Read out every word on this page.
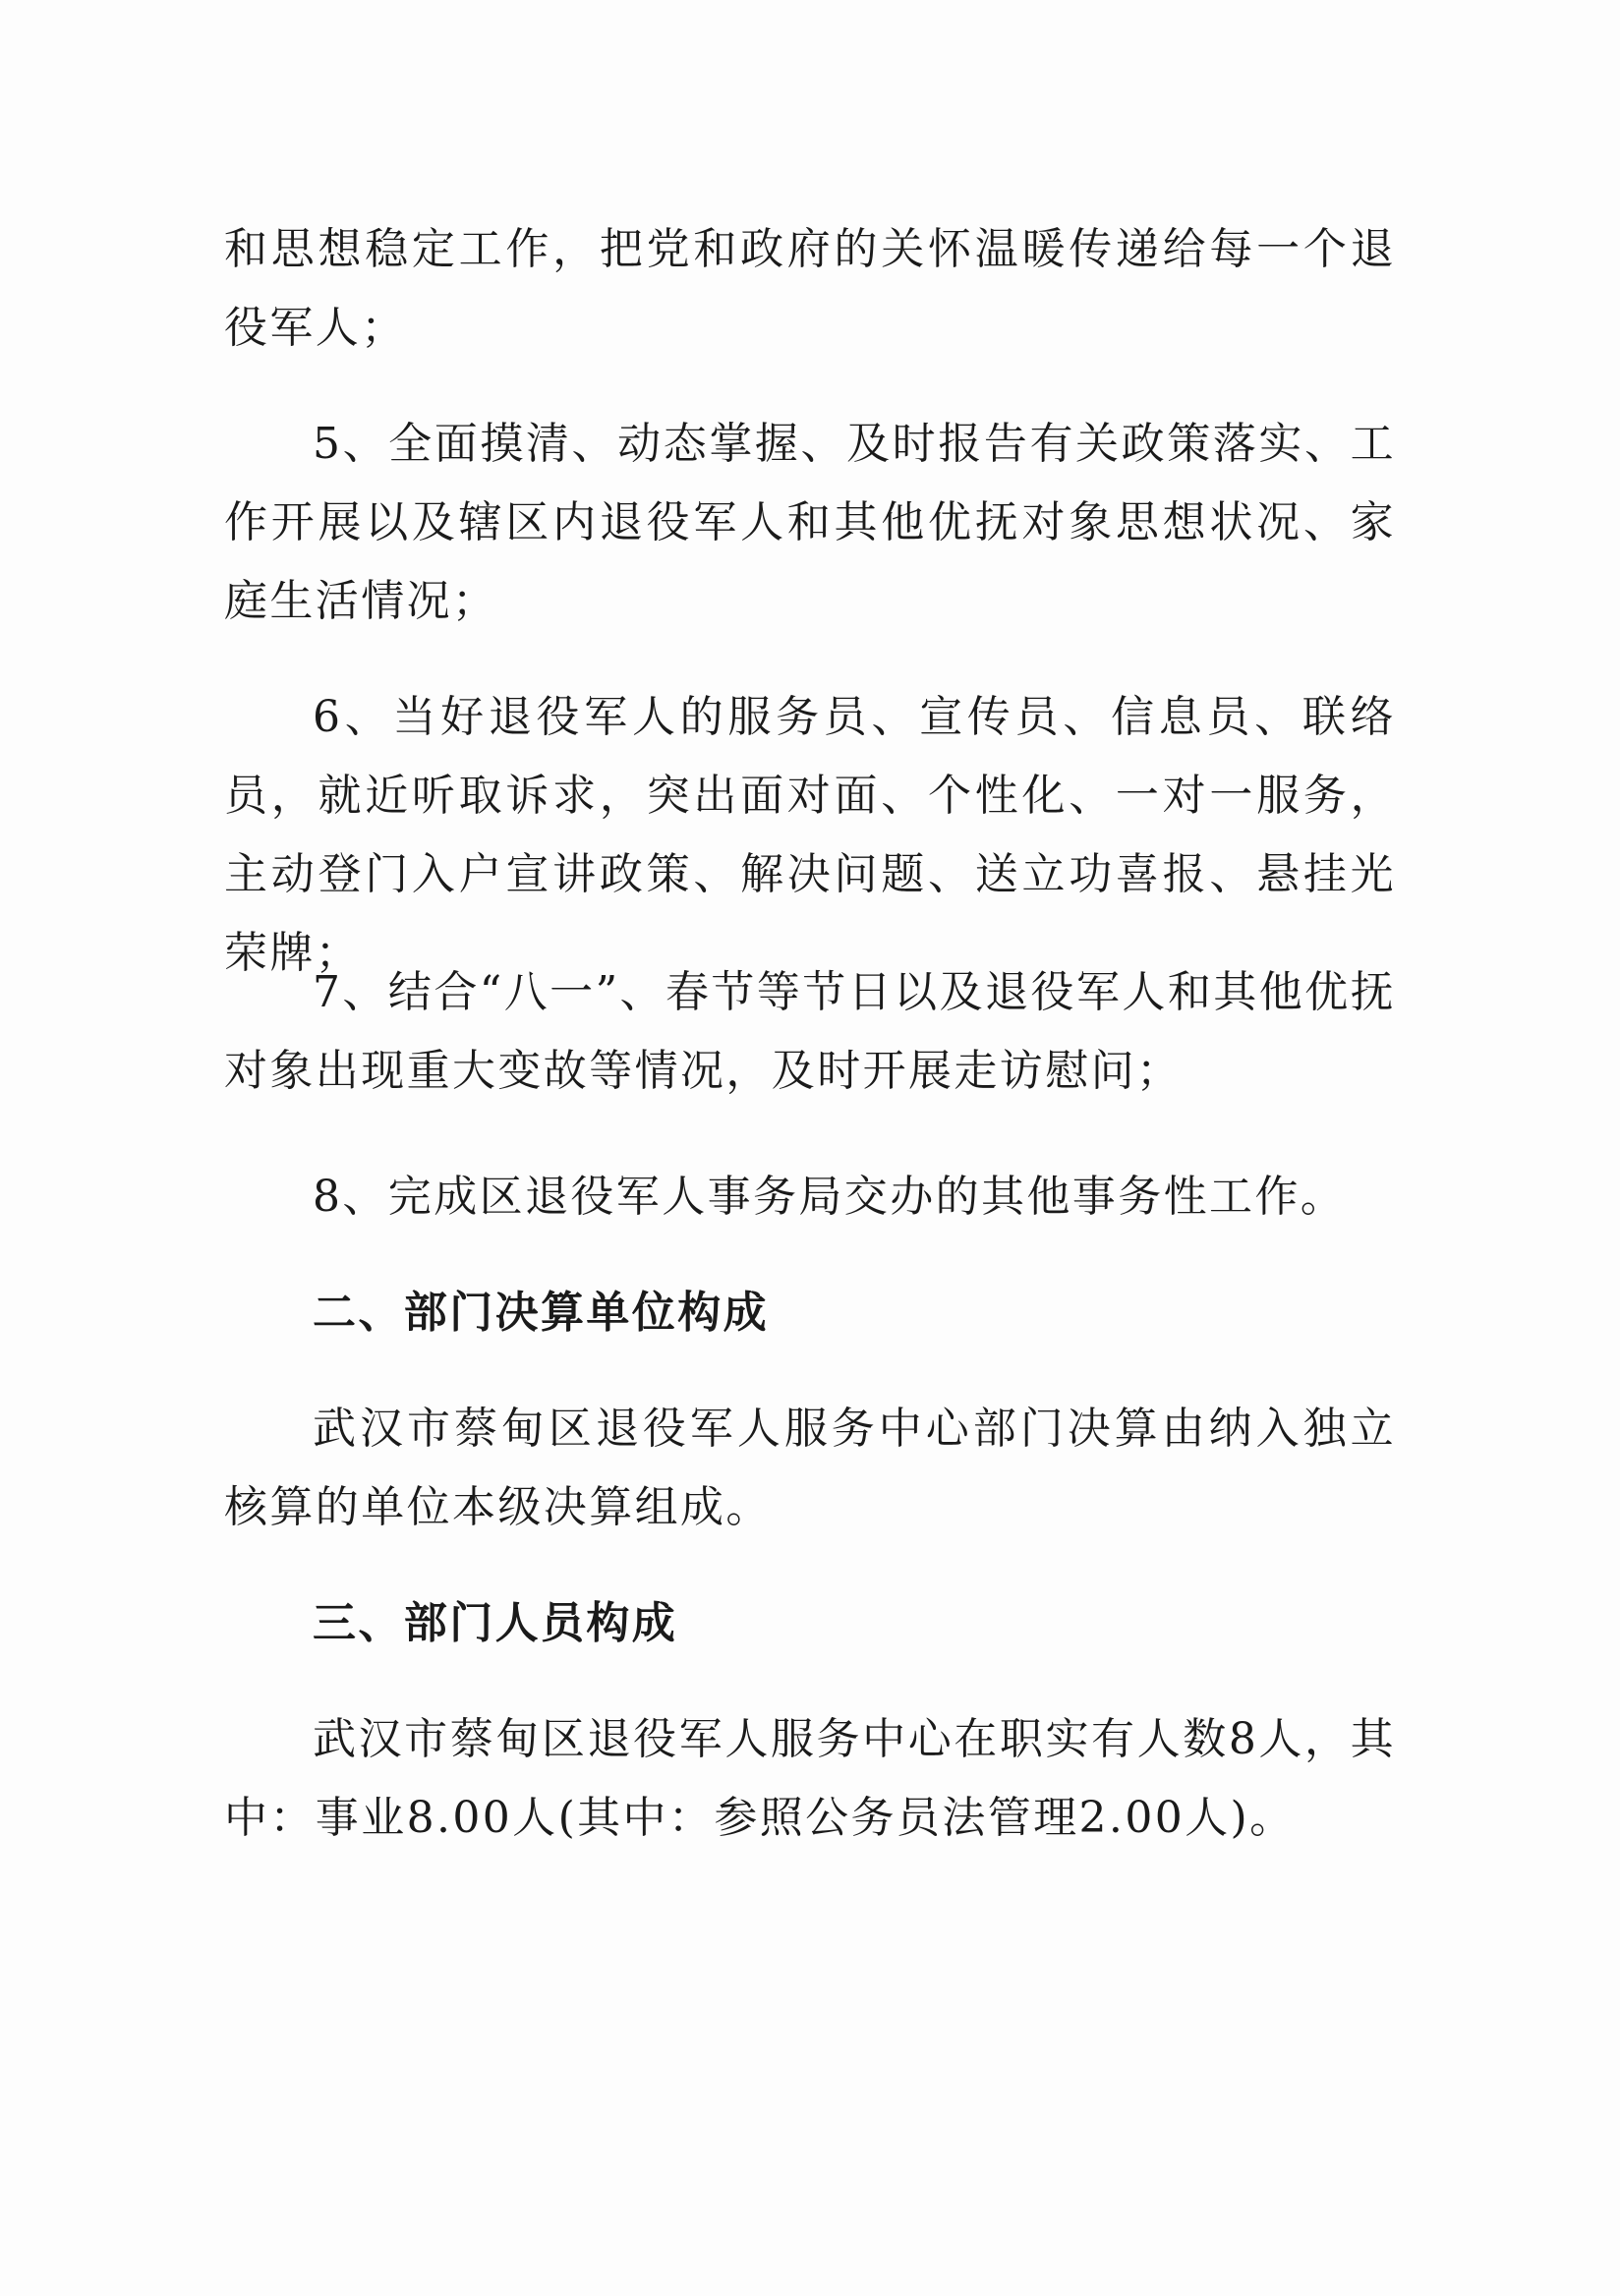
和思想稳定工作，把党和政府的关怀温暖传递给每一个退役军人；

5、全面摸清、动态掌握、及时报告有关政策落实、工作开展以及辖区内退役军人和其他优抚对象思想状况、家庭生活情况；

6、当好退役军人的服务员、宣传员、信息员、联络员，就近听取诉求，突出面对面、个性化、一对一服务，主动登门入户宣讲政策、解决问题、送立功喜报、悬挂光荣牌；

7、结合“八一”、春节等节日以及退役军人和其他优抚对象出现重大变故等情况，及时开展走访慰问；

8、完成区退役军人事务局交办的其他事务性工作。

二、部门决算单位构成

武汉市蔡甸区退役军人服务中心部门决算由纳入独立核算的单位本级决算组成。

三、部门人员构成

武汉市蔡甸区退役军人服务中心在职实有人数8人，其中：事业8.00人(其中：参照公务员法管理2.00人)。
